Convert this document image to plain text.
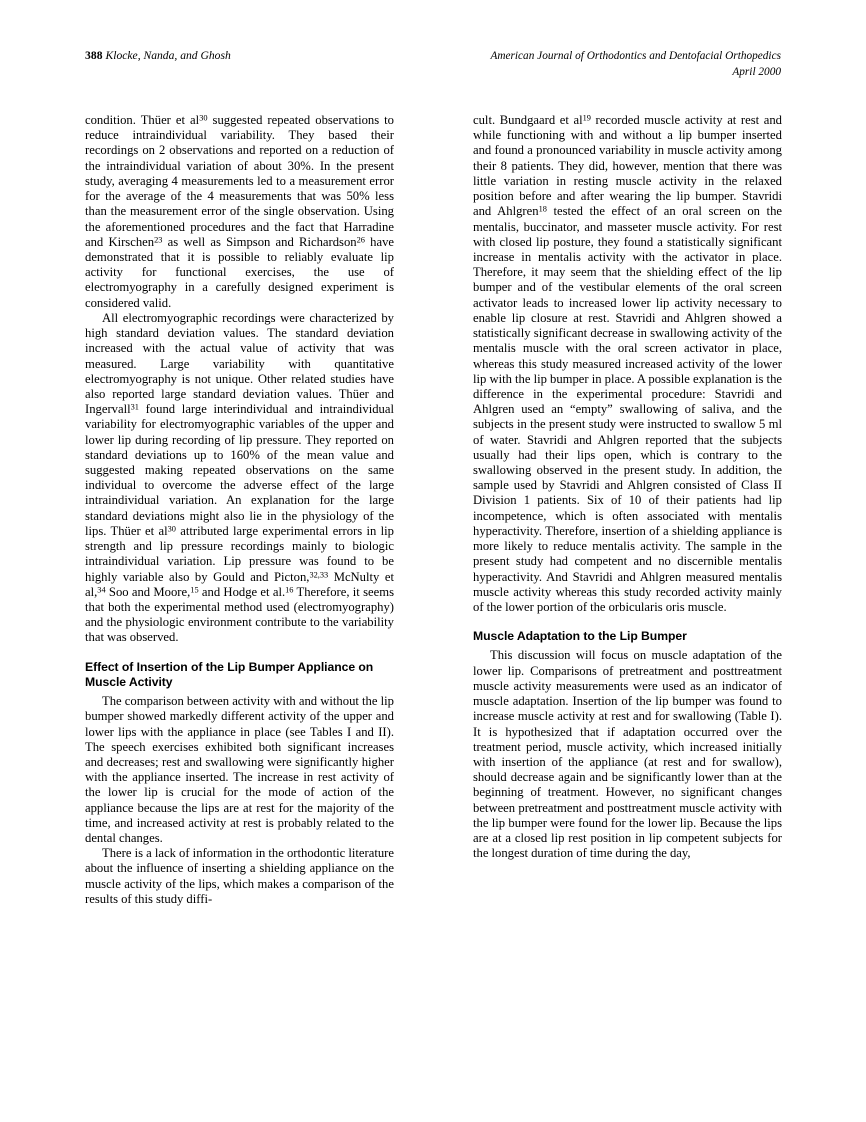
388 Klocke, Nanda, and Ghosh	American Journal of Orthodontics and Dentofacial Orthopedics
April 2000

condition. Thüer et $al^{30}$ suggested repeated observations to reduce intraindividual variability. They based their recordings on 2 observations and reported on a reduction of the intraindividual variation of about 30%. In the present study, averaging 4 measurements led to a measurement error for the average of the 4 measurements that was 50% less than the measurement error of the single observation. Using the aforementioned procedures and the fact that Harradine and Kirschen$^{23}$ as well as Simpson and Richardson$^{26}$ have demonstrated that it is possible to reliably evaluate lip activity for functional exercises, the use of electromyography in a carefully designed experiment is considered valid.

All electromyographic recordings were characterized by high standard deviation values. The standard deviation increased with the actual value of activity that was measured. Large variability with quantitative electromyography is not unique. Other related studies have also reported large standard deviation values. Thüer and Ingervall$^{31}$ found large interindividual and intraindividual variability for electromyographic variables of the upper and lower lip during recording of lip pressure. They reported on standard deviations up to 160% of the mean value and suggested making repeated observations on the same individual to overcome the adverse effect of the large intraindividual variation. An explanation for the large standard deviations might also lie in the physiology of the lips. Thüer et $al^{30}$ attributed large experimental errors in lip strength and lip pressure recordings mainly to biologic intraindividual variation. Lip pressure was found to be highly variable also by Gould and Picton,$^{32,33}$ McNulty et al,$^{34}$ Soo and Moore,$^{15}$ and Hodge et al.$^{16}$ Therefore, it seems that both the experimental method used (electromyography) and the physiologic environment contribute to the variability that was observed.

Effect of Insertion of the Lip Bumper Appliance on Muscle Activity

The comparison between activity with and without the lip bumper showed markedly different activity of the upper and lower lips with the appliance in place (see Tables I and II). The speech exercises exhibited both significant increases and decreases; rest and swallowing were significantly higher with the appliance inserted. The increase in rest activity of the lower lip is crucial for the mode of action of the appliance because the lips are at rest for the majority of the time, and increased activity at rest is probably related to the dental changes.

There is a lack of information in the orthodontic literature about the influence of inserting a shielding appliance on the muscle activity of the lips, which makes a comparison of the results of this study diffi-

cult. Bundgaard et $al^{19}$ recorded muscle activity at rest and while functioning with and without a lip bumper inserted and found a pronounced variability in muscle activity among their 8 patients. They did, however, mention that there was little variation in resting muscle activity in the relaxed position before and after wearing the lip bumper. Stavridi and Ahlgren$^{18}$ tested the effect of an oral screen on the mentalis, buccinator, and masseter muscle activity. For rest with closed lip posture, they found a statistically significant increase in mentalis activity with the activator in place. Therefore, it may seem that the shielding effect of the lip bumper and of the vestibular elements of the oral screen activator leads to increased lower lip activity necessary to enable lip closure at rest. Stavridi and Ahlgren showed a statistically significant decrease in swallowing activity of the mentalis muscle with the oral screen activator in place, whereas this study measured increased activity of the lower lip with the lip bumper in place. A possible explanation is the difference in the experimental procedure: Stavridi and Ahlgren used an “empty” swallowing of saliva, and the subjects in the present study were instructed to swallow 5 ml of water. Stavridi and Ahlgren reported that the subjects usually had their lips open, which is contrary to the swallowing observed in the present study. In addition, the sample used by Stavridi and Ahlgren consisted of Class II Division 1 patients. Six of 10 of their patients had lip incompetence, which is often associated with mentalis hyperactivity. Therefore, insertion of a shielding appliance is more likely to reduce mentalis activity. The sample in the present study had competent and no discernible mentalis hyperactivity. And Stavridi and Ahlgren measured mentalis muscle activity whereas this study recorded activity mainly of the lower portion of the orbicularis oris muscle.

Muscle Adaptation to the Lip Bumper

This discussion will focus on muscle adaptation of the lower lip. Comparisons of pretreatment and posttreatment muscle activity measurements were used as an indicator of muscle adaptation. Insertion of the lip bumper was found to increase muscle activity at rest and for swallowing (Table I). It is hypothesized that if adaptation occurred over the treatment period, muscle activity, which increased initially with insertion of the appliance (at rest and for swallow), should decrease again and be significantly lower than at the beginning of treatment. However, no significant changes between pretreatment and posttreatment muscle activity with the lip bumper were found for the lower lip. Because the lips are at a closed lip rest position in lip competent subjects for the longest duration of time during the day,
